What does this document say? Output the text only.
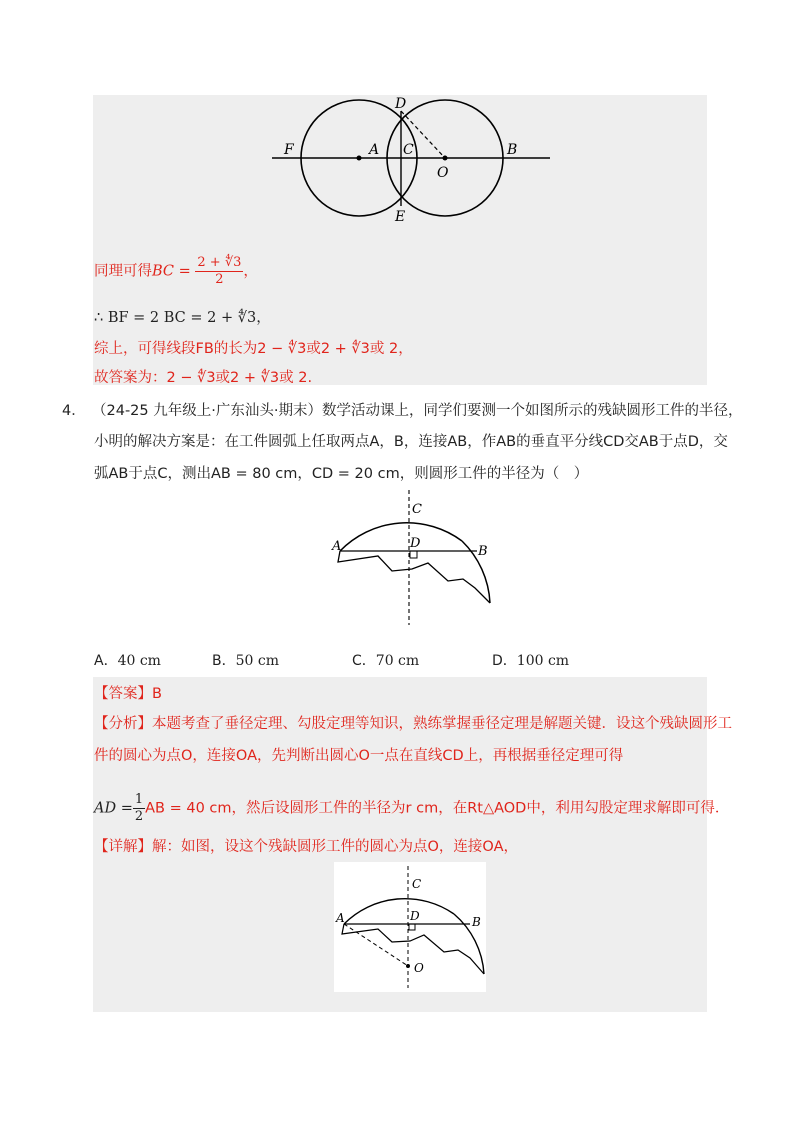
F	A C
D
O
B
E
同理可得BC = $\frac{2 + ∜3}{2}$ ，
∴ BF = 2 BC = 2 + ∜3，
综上，可得线段FB的长为2 − ∜3或2 + ∜3或 2，
故答案为：2 − ∜3或2 + ∜3或 2.
4． （24-25 九年级上·广东汕头·期末）数学活动课上，同学们要测一个如图所示的残缺圆形工件的半径，
小明的解决方案是：在工件圆弧上任取两点A，B，连接AB，作AB的垂直平分线CD交AB于点D，交
弧AB于点C，测出AB = 80 cm，CD = 20 cm，则圆形工件的半径为（　）
C
D
A	B
A．40 cm	B．50 cm	C．70 cm	D．100 cm
【答案】B
【分析】本题考查了垂径定理、勾股定理等知识，熟练掌握垂径定理是解题关键．设这个残缺圆形工
件的圆心为点O，连接OA，先判断出圆心O一点在直线CD上，再根据垂径定理可得
AD = $\frac{1}{2}$ AB = 40 cm，然后设圆形工件的半径为r cm，在Rt△AOD中，利用勾股定理求解即可得．
【详解】解：如图，设这个残缺圆形工件的圆心为点O，连接OA，
C
D
A	B
O
